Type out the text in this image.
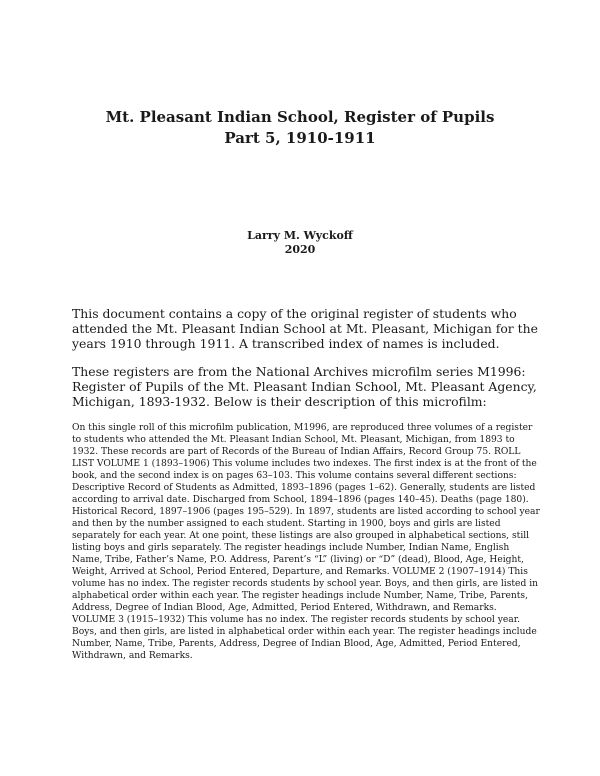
Mt. Pleasant Indian School, Register of Pupils
Part 5, 1910-1911
Larry M. Wyckoff
2020

This document contains a copy of the original register of students who attended the Mt. Pleasant Indian School at Mt. Pleasant, Michigan for the years 1910 through 1911. A transcribed index of names is included.

These registers are from the National Archives microfilm series M1996: Register of Pupils of the Mt. Pleasant Indian School, Mt. Pleasant Agency, Michigan, 1893-1932. Below is their description of this microfilm:

On this single roll of this microfilm publication, M1996, are reproduced three volumes of a register to students who attended the Mt. Pleasant Indian School, Mt. Pleasant, Michigan, from 1893 to 1932. These records are part of Records of the Bureau of Indian Affairs, Record Group 75. ROLL LIST VOLUME 1 (1893–1906) This volume includes two indexes. The first index is at the front of the book, and the second index is on pages 63–103. This volume contains several different sections: Descriptive Record of Students as Admitted, 1893–1896 (pages 1–62). Generally, students are listed according to arrival date. Discharged from School, 1894–1896 (pages 140–45). Deaths (page 180). Historical Record, 1897–1906 (pages 195–529). In 1897, students are listed according to school year and then by the number assigned to each student. Starting in 1900, boys and girls are listed separately for each year. At one point, these listings are also grouped in alphabetical sections, still listing boys and girls separately. The register headings include Number, Indian Name, English Name, Tribe, Father’s Name, P.O. Address, Parent’s “L” (living) or “D” (dead), Blood, Age, Height, Weight, Arrived at School, Period Entered, Departure, and Remarks. VOLUME 2 (1907–1914) This volume has no index. The register records students by school year. Boys, and then girls, are listed in alphabetical order within each year. The register headings include Number, Name, Tribe, Parents, Address, Degree of Indian Blood, Age, Admitted, Period Entered, Withdrawn, and Remarks. VOLUME 3 (1915–1932) This volume has no index. The register records students by school year. Boys, and then girls, are listed in alphabetical order within each year. The register headings include Number, Name, Tribe, Parents, Address, Degree of Indian Blood, Age, Admitted, Period Entered, Withdrawn, and Remarks.
